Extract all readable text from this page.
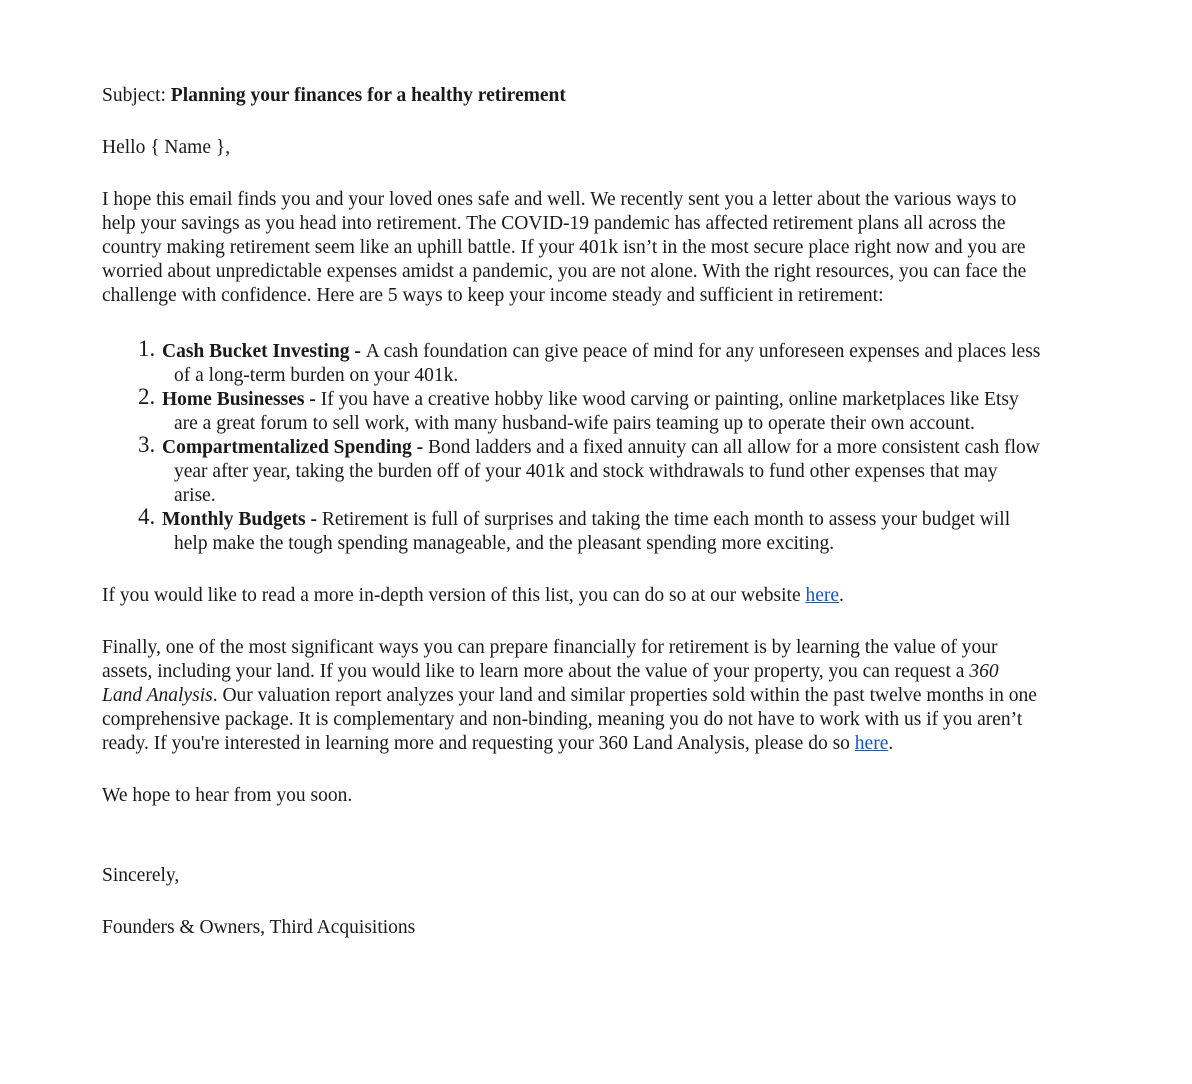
Subject: Planning your finances for a healthy retirement

Hello { Name },

I hope this email finds you and your loved ones safe and well. We recently sent you a letter about the various ways to help your savings as you head into retirement. The COVID-19 pandemic has affected retirement plans all across the country making retirement seem like an uphill battle. If your 401k isn’t in the most secure place right now and you are worried about unpredictable expenses amidst a pandemic, you are not alone. With the right resources, you can face the challenge with confidence. Here are 5 ways to keep your income steady and sufficient in retirement:

1. Cash Bucket Investing - A cash foundation can give peace of mind for any unforeseen expenses and places less of a long-term burden on your 401k.
2. Home Businesses - If you have a creative hobby like wood carving or painting, online marketplaces like Etsy are a great forum to sell work, with many husband-wife pairs teaming up to operate their own account.
3. Compartmentalized Spending - Bond ladders and a fixed annuity can all allow for a more consistent cash flow year after year, taking the burden off of your 401k and stock withdrawals to fund other expenses that may arise.
4. Monthly Budgets - Retirement is full of surprises and taking the time each month to assess your budget will help make the tough spending manageable, and the pleasant spending more exciting.

If you would like to read a more in-depth version of this list, you can do so at our website here.

Finally, one of the most significant ways you can prepare financially for retirement is by learning the value of your assets, including your land. If you would like to learn more about the value of your property, you can request a 360 Land Analysis. Our valuation report analyzes your land and similar properties sold within the past twelve months in one comprehensive package. It is complementary and non-binding, meaning you do not have to work with us if you aren’t ready. If you're interested in learning more and requesting your 360 Land Analysis, please do so here.

We hope to hear from you soon.

Sincerely,

Founders & Owners, Third Acquisitions
